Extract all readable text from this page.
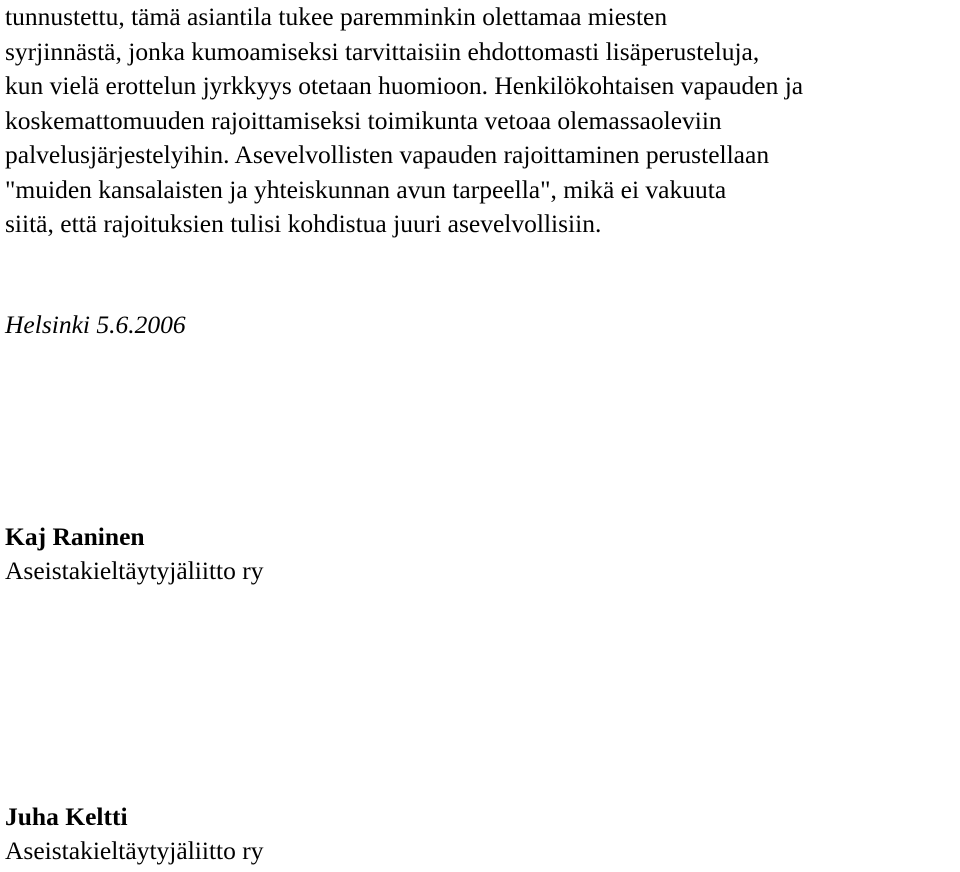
tunnustettu, tämä asiantila tukee paremminkin olettamaa miesten
syrjinnästä, jonka kumoamiseksi tarvittaisiin ehdottomasti lisäperusteluja,
kun vielä erottelun jyrkkyys otetaan huomioon. Henkilökohtaisen vapauden ja
koskemattomuuden rajoittamiseksi toimikunta vetoaa olemassaoleviin
palvelusjärjestelyihin. Asevelvollisten vapauden rajoittaminen perustellaan
"muiden kansalaisten ja yhteiskunnan avun tarpeella", mikä ei vakuuta
siitä, että rajoituksien tulisi kohdistua juuri asevelvollisiin.

Helsinki 5.6.2006

Kaj Raninen
Aseistakieltäytyjäliitto ry
Juha Keltti
Aseistakieltäytyjäliitto ry
